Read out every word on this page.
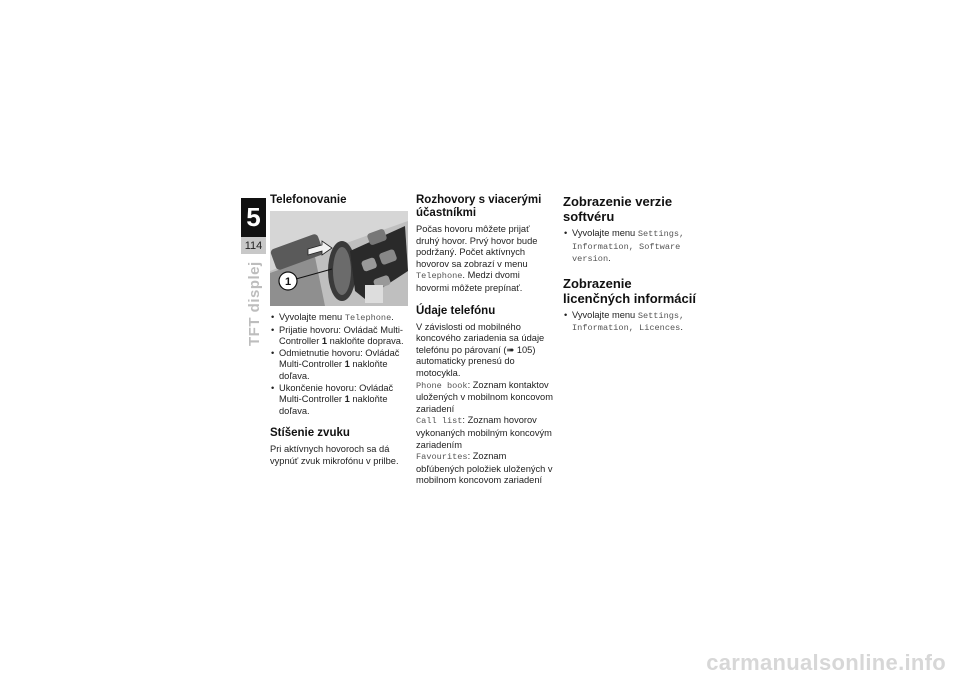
5
114
TFT displej
Telefonovanie
1
• Vyvolajte menu Telephone.
• Prijatie hovoru: Ovládač Multi-Controller 1 nakloňte doprava.
• Odmietnutie hovoru: Ovládač Multi-Controller 1 nakloňte doľava.
• Ukončenie hovoru: Ovládač Multi-Controller 1 nakloňte doľava.
Stíšenie zvuku

Pri aktívnych hovoroch sa dá vypnúť zvuk mikrofónu v prilbe.

Rozhovory s viacerými účastníkmi

Počas hovoru môžete prijať druhý hovor. Prvý hovor bude podržaný. Počet aktívnych hovorov sa zobrazí v menu Telephone. Medzi dvomi hovormi môžete prepínať.

Údaje telefónu

V závislosti od mobilného koncového zariadenia sa údaje telefónu po párovaní (➠ 105) automaticky prenesú do motocykla.

Phone book: Zoznam kontaktov uložených v mobilnom koncovom zariadení

Call list: Zoznam hovorov vykonaných mobilným koncovým zariadením

Favourites: Zoznam obľúbených položiek uložených v mobilnom koncovom zariadení

Zobrazenie verzie softvéru
• Vyvolajte menu Settings, Information, Software version.
Zobrazenie licenčných informácií
• Vyvolajte menu Settings, Information, Licences.
carmanualsonline.info
